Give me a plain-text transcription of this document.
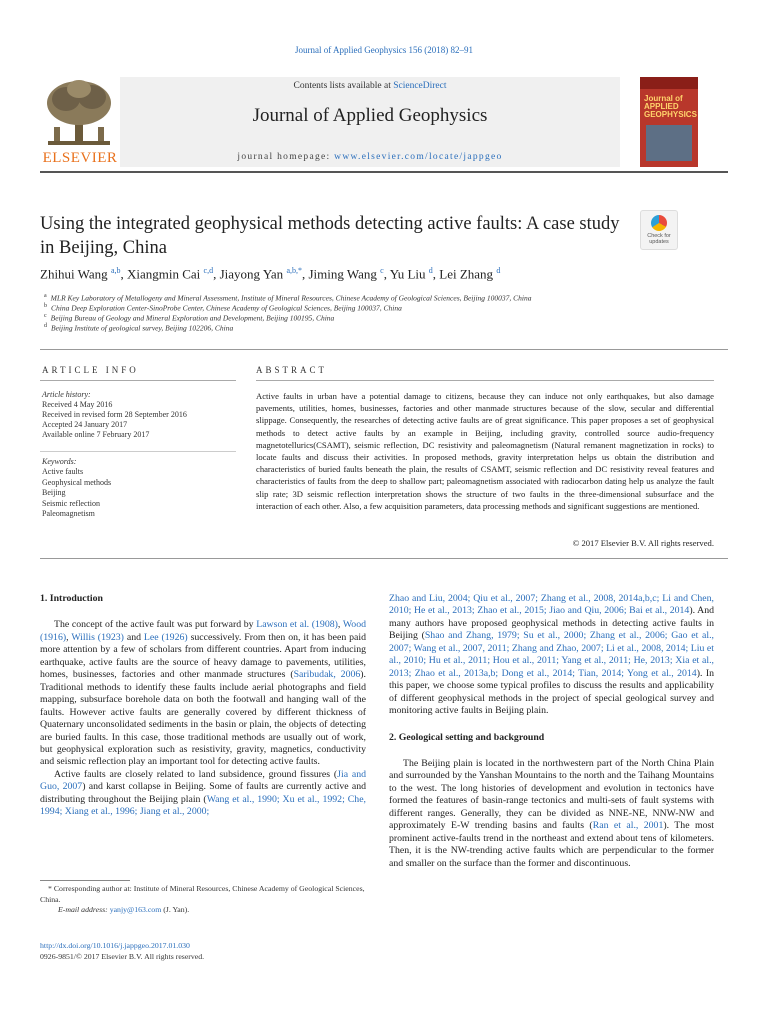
Journal of Applied Geophysics 156 (2018) 82–91
ELSEVIER
Contents lists available at ScienceDirect
Journal of Applied Geophysics
journal homepage: www.elsevier.com/locate/jappgeo
Journal of APPLIED GEOPHYSICS
Using the integrated geophysical methods detecting active faults: A case study in Beijing, China
Check for updates
Zhihui Wang $^{a,b}$, Xiangmin Cai $^{c,d}$, Jiayong Yan $^{a,b,*}$, Jiming Wang $^c$, Yu Liu $^d$, Lei Zhang $^d$
$^a$ MLR Key Laboratory of Metallogeny and Mineral Assessment, Institute of Mineral Resources, Chinese Academy of Geological Sciences, Beijing 100037, China
$^b$ China Deep Exploration Center-SinoProbe Center, Chinese Academy of Geological Sciences, Beijing 100037, China
$^c$ Beijing Bureau of Geology and Mineral Exploration and Development, Beijing 100195, China
$^d$ Beijing Institute of geological survey, Beijing 102206, China
ARTICLE INFO
Article history:
Received 4 May 2016
Received in revised form 28 September 2016
Accepted 24 January 2017
Available online 7 February 2017
Keywords:
Active faults
Geophysical methods
Beijing
Seismic reflection
Paleomagnetism
ABSTRACT
Active faults in urban have a potential damage to citizens, because they can induce not only earthquakes, but also damage pavements, utilities, homes, businesses, factories and other manmade structures because of the slow, secular and differential slippage. Consequently, the researches of detecting active faults are of great significance. This paper proposes a set of geophysical methods to detect active faults by an example in Beijing, including gravity, controlled source audio-frequency magnetotellurics(CSAMT), seismic reflection, DC resistivity and paleomagnetism (Natural remanent magnetization in rocks) to locate faults and discuss their activities. In proposed methods, gravity interpretation helps us obtain the distribution and characteristics of buried faults beneath the plain, the results of CSAMT, seismic reflection and DC resistivity reveal features and characteristics of faults from the deep to shallow part; paleomagnetism associated with radiocarbon dating help us analyze the fault slip rate; 3D seismic reflection interpretation shows the structure of two faults in the three-dimensional subsurface and the interaction of each other. Also, a few acquisition parameters, data processing methods and significant suggestions are mentioned.
© 2017 Elsevier B.V. All rights reserved.

1. Introduction

The concept of the active fault was put forward by Lawson et al. (1908), Wood (1916), Willis (1923) and Lee (1926) successively. From then on, it has been paid more attention by a few of scholars from different countries. Apart from inducing earthquake, active faults are the source of heavy damage to pavements, utilities, homes, businesses, factories and other manmade structures (Saribudak, 2006). Traditional methods to identify these faults include aerial photographs and field mapping, subsurface borehole data on both the footwall and hanging wall of the faults. However active faults are generally covered by different thickness of Quaternary unconsolidated sediments in the basin or plain, the objects of detecting are buried faults. In this case, those traditional methods are usually out of work, but geophysical exploration such as resistivity, gravity, magnetics, conductivity and seismic reflection play an important tool for detecting active faults.

Active faults are closely related to land subsidence, ground fissures (Jia and Guo, 2007) and karst collapse in Beijing. Some of faults are currently active and distributing throughout the Beijing plain (Wang et al., 1990; Xu et al., 1992; Che, 1994; Xiang et al., 1996; Jiang et al., 2000;

* Corresponding author at: Institute of Mineral Resources, Chinese Academy of Geological Sciences, China.
E-mail address: yanjy@163.com (J. Yan).
http://dx.doi.org/10.1016/j.jappgeo.2017.01.030
0926-9851/© 2017 Elsevier B.V. All rights reserved.

Zhao and Liu, 2004; Qiu et al., 2007; Zhang et al., 2008, 2014a,b,c; Li and Chen, 2010; He et al., 2013; Zhao et al., 2015; Jiao and Qiu, 2006; Bai et al., 2014). And many authors have proposed geophysical methods in detecting active faults in Beijing (Shao and Zhang, 1979; Su et al., 2000; Zhang et al., 2006; Gao et al., 2007; Wang et al., 2007, 2011; Zhang and Zhao, 2007; Li et al., 2008, 2014; Liu et al., 2010; Hu et al., 2011; Hou et al., 2011; Yang et al., 2011; He, 2013; Xia et al., 2013; Zhao et al., 2013a,b; Dong et al., 2014; Tian, 2014; Yong et al., 2014). In this paper, we choose some typical profiles to discuss the results and applicability of different geophysical methods in the project of special geological survey and monitoring active faults in Beijing plain.

2. Geological setting and background

The Beijing plain is located in the northwestern part of the North China Plain and surrounded by the Yanshan Mountains to the north and the Taihang Mountains to the west. The long histories of development and evolution in tectonics have formed the features of basin-range tectonics and multi-sets of fault systems with different ranges. Generally, they can be divided as NNE-NE, NNW-NW and approximately E-W trending basins and faults (Ran et al., 2001). The most prominent active-faults trend in the northeast and extend about tens of kilometers. Then, it is the NW-trending active faults which are perpendicular to the former and smaller on the surface than the former and discontinuous.
